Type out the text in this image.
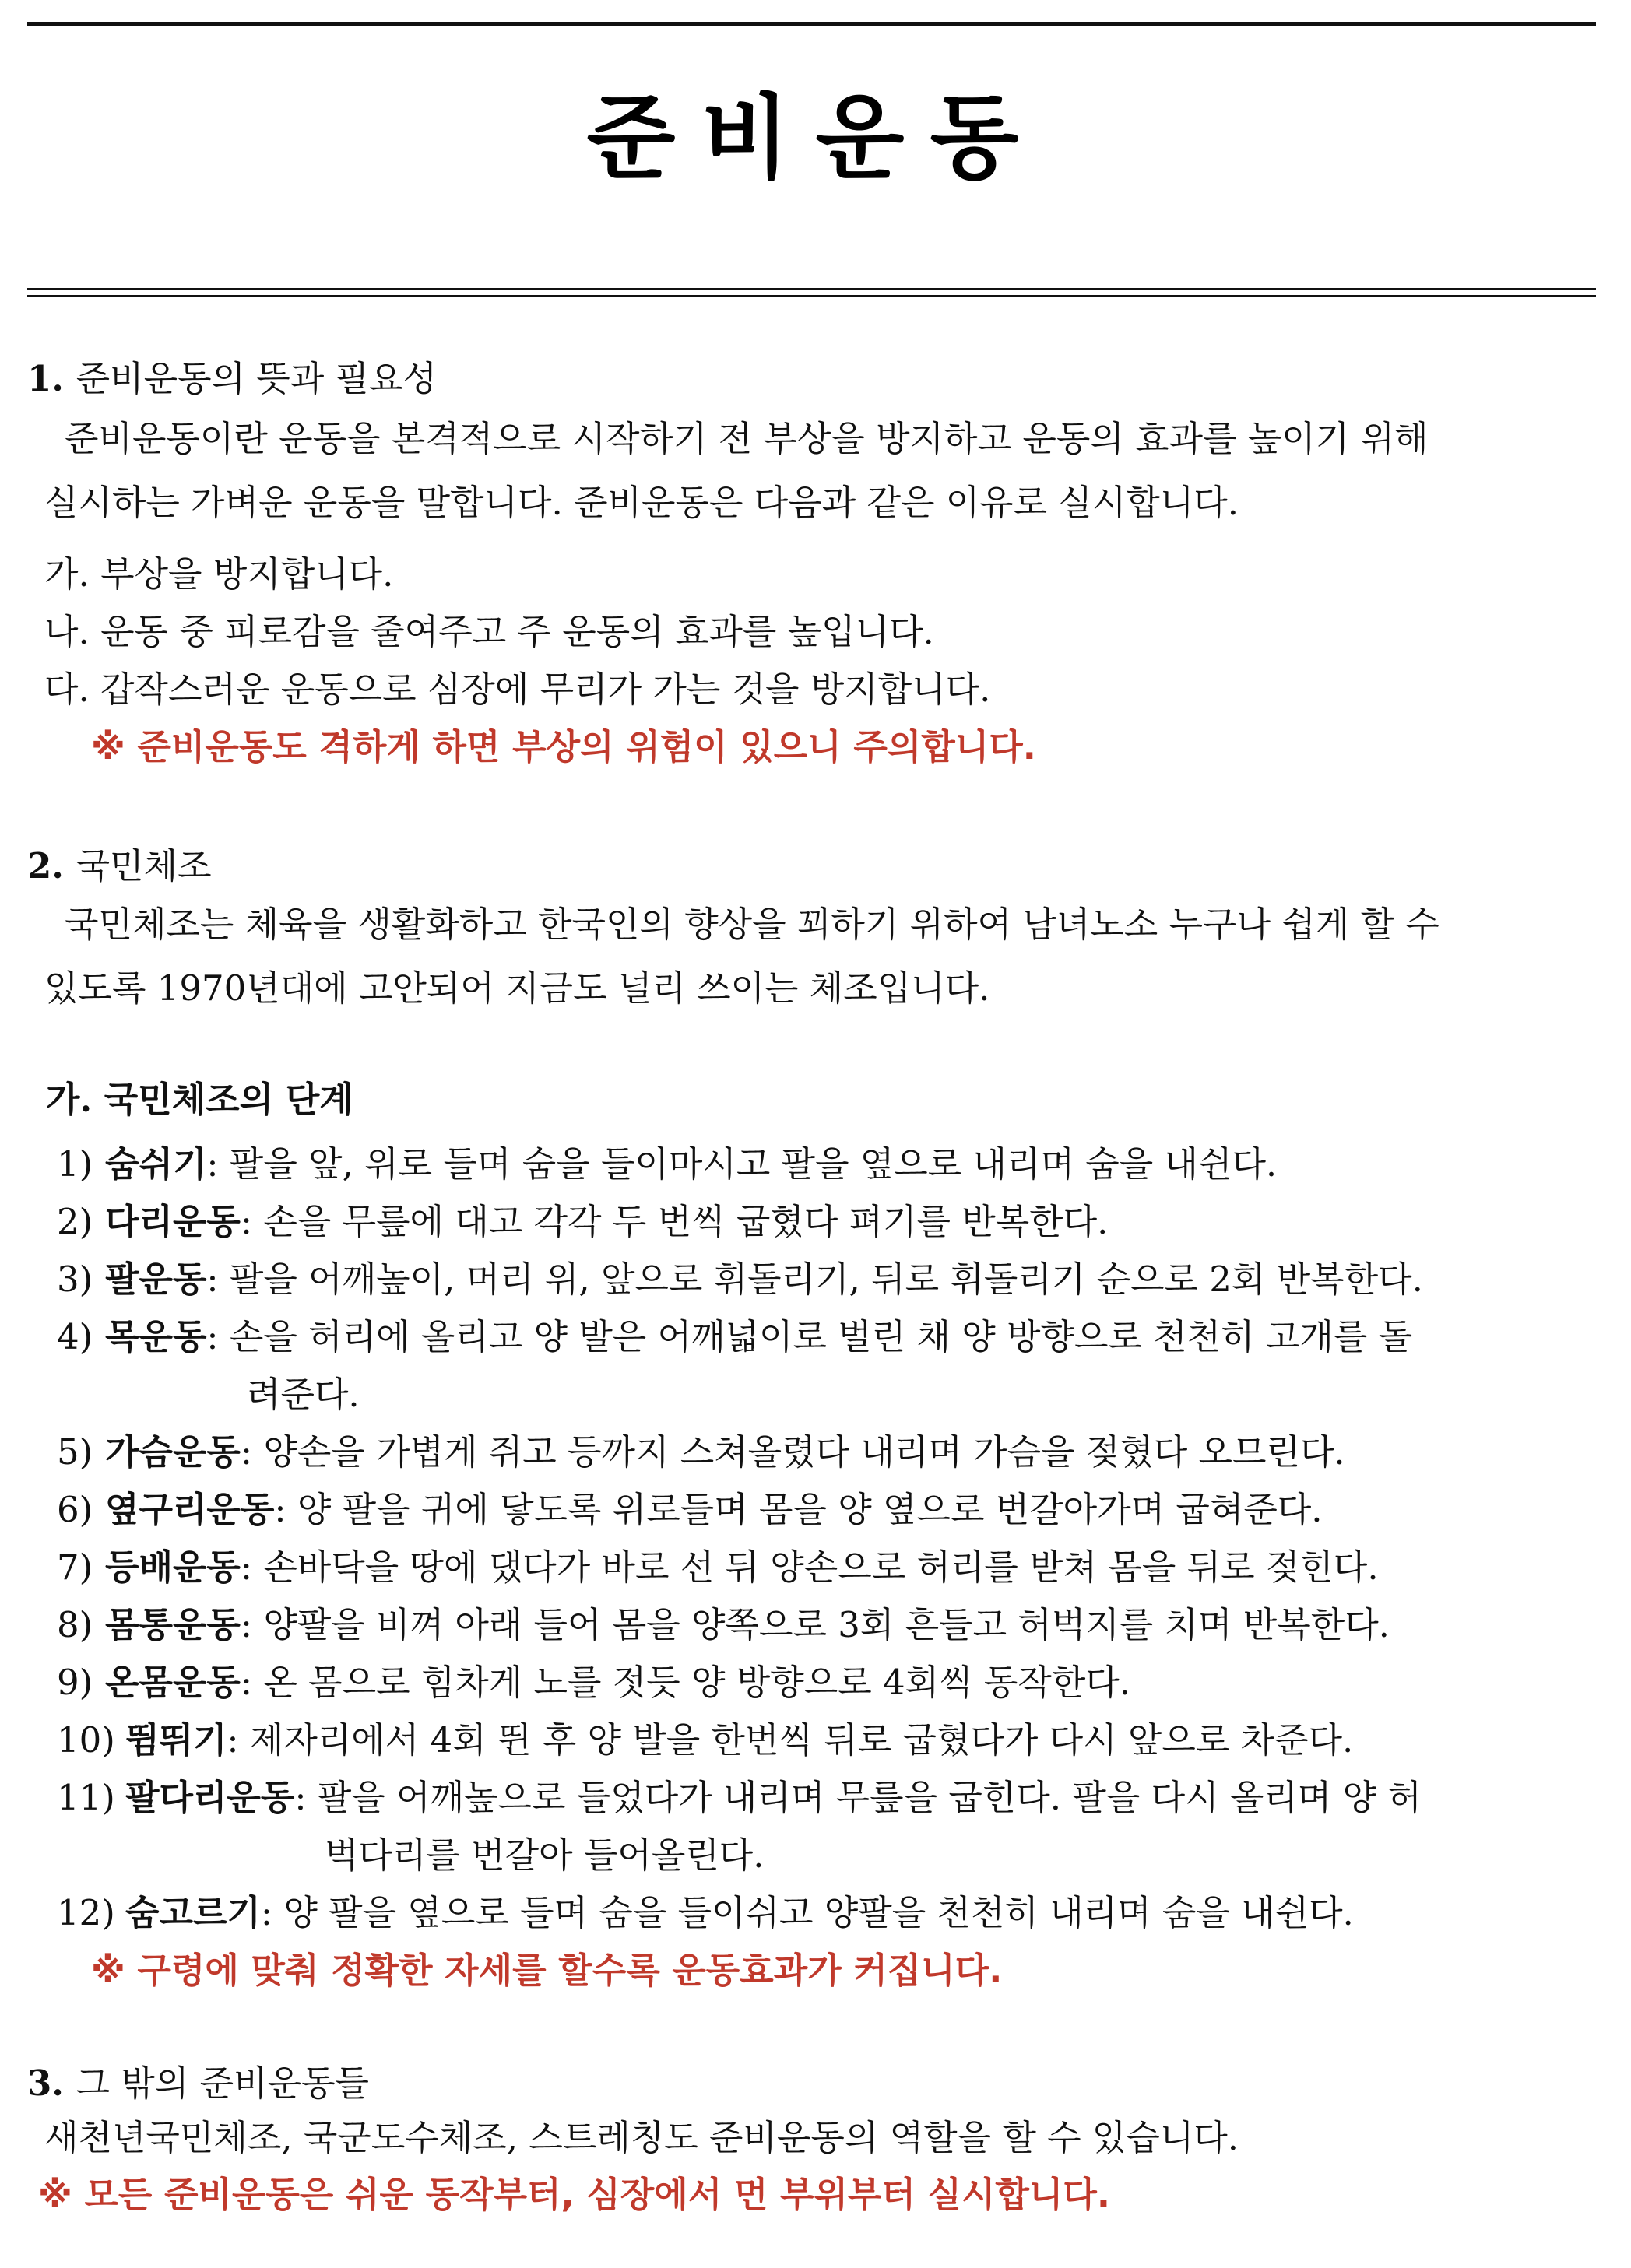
준비운동
1. 준비운동의 뜻과 필요성
준비운동이란 운동을 본격적으로 시작하기 전 부상을 방지하고 운동의 효과를 높이기 위해
실시하는 가벼운 운동을 말합니다. 준비운동은 다음과 같은 이유로 실시합니다.
가. 부상을 방지합니다.
나. 운동 중 피로감을 줄여주고 주 운동의 효과를 높입니다.
다. 갑작스러운 운동으로 심장에 무리가 가는 것을 방지합니다.
※ 준비운동도 격하게 하면 부상의 위험이 있으니 주의합니다.
2. 국민체조
국민체조는 체육을 생활화하고 한국인의 향상을 꾀하기 위하여 남녀노소 누구나 쉽게 할 수
있도록 1970년대에 고안되어 지금도 널리 쓰이는 체조입니다.
가. 국민체조의 단계
1) 숨쉬기: 팔을 앞, 위로 들며 숨을 들이마시고 팔을 옆으로 내리며 숨을 내쉰다.
2) 다리운동: 손을 무릎에 대고 각각 두 번씩 굽혔다 펴기를 반복한다.
3) 팔운동: 팔을 어깨높이, 머리 위, 앞으로 휘돌리기, 뒤로 휘돌리기 순으로 2회 반복한다.
4) 목운동: 손을 허리에 올리고 양 발은 어깨넓이로 벌린 채 양 방향으로 천천히 고개를 돌
려준다.
5) 가슴운동: 양손을 가볍게 쥐고 등까지 스쳐올렸다 내리며 가슴을 젖혔다 오므린다.
6) 옆구리운동: 양 팔을 귀에 닿도록 위로들며 몸을 양 옆으로 번갈아가며 굽혀준다.
7) 등배운동: 손바닥을 땅에 댔다가 바로 선 뒤 양손으로 허리를 받쳐 몸을 뒤로 젖힌다.
8) 몸통운동: 양팔을 비껴 아래 들어 몸을 양쪽으로 3회 흔들고 허벅지를 치며 반복한다.
9) 온몸운동: 온 몸으로 힘차게 노를 젓듯 양 방향으로 4회씩 동작한다.
10) 뜀뛰기: 제자리에서 4회 뛴 후 양 발을 한번씩 뒤로 굽혔다가 다시 앞으로 차준다.
11) 팔다리운동: 팔을 어깨높으로 들었다가 내리며 무릎을 굽힌다. 팔을 다시 올리며 양 허
벅다리를 번갈아 들어올린다.
12) 숨고르기: 양 팔을 옆으로 들며 숨을 들이쉬고 양팔을 천천히 내리며 숨을 내쉰다.
※ 구령에 맞춰 정확한 자세를 할수록 운동효과가 커집니다.
3. 그 밖의 준비운동들
새천년국민체조, 국군도수체조, 스트레칭도 준비운동의 역할을 할 수 있습니다.
※ 모든 준비운동은 쉬운 동작부터, 심장에서 먼 부위부터 실시합니다.
